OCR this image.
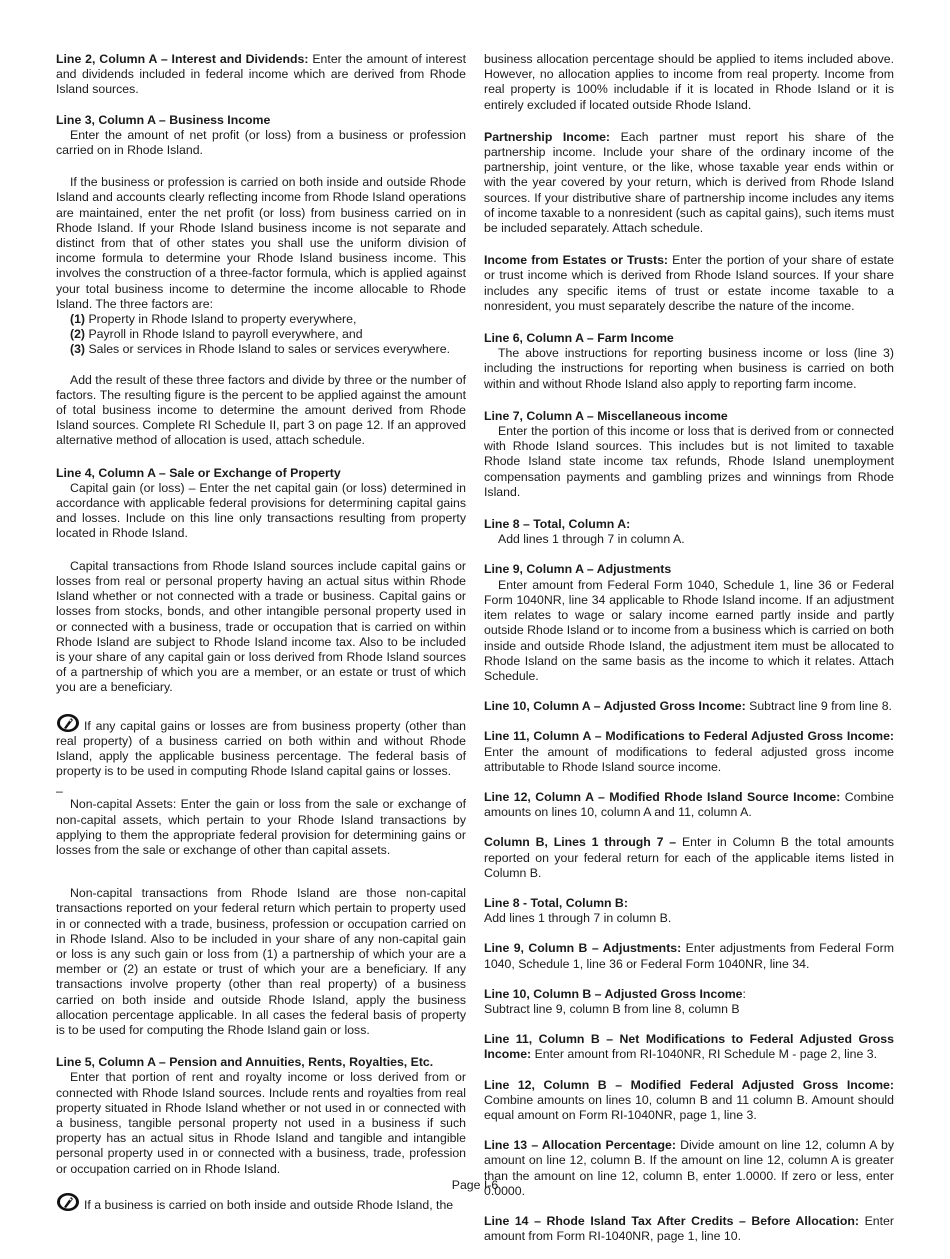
Line 2, Column A – Interest and Dividends: Enter the amount of interest and dividends included in federal income which are derived from Rhode Island sources.
Line 3, Column A – Business Income
Enter the amount of net profit (or loss) from a business or profession carried on in Rhode Island.
If the business or profession is carried on both inside and outside Rhode Island and accounts clearly reflecting income from Rhode Island operations are maintained, enter the net profit (or loss) from business carried on in Rhode Island. If your Rhode Island business income is not separate and distinct from that of other states you shall use the uniform division of income formula to determine your Rhode Island business income. This involves the construction of a three-factor formula, which is applied against your total business income to determine the income allocable to Rhode Island. The three factors are:
(1) Property in Rhode Island to property everywhere,
(2) Payroll in Rhode Island to payroll everywhere, and
(3) Sales or services in Rhode Island to sales or services everywhere.
Add the result of these three factors and divide by three or the number of factors. The resulting figure is the percent to be applied against the amount of total business income to determine the amount derived from Rhode Island sources. Complete RI Schedule II, part 3 on page 12. If an approved alternative method of allocation is used, attach schedule.
Line 4, Column A – Sale or Exchange of Property
Capital gain (or loss) – Enter the net capital gain (or loss) determined in accordance with applicable federal provisions for determining capital gains and losses. Include on this line only transactions resulting from property located in Rhode Island.
Capital transactions from Rhode Island sources include capital gains or losses from real or personal property having an actual situs within Rhode Island whether or not connected with a trade or business. Capital gains or losses from stocks, bonds, and other intangible personal property used in or connected with a business, trade or occupation that is carried on within Rhode Island are subject to Rhode Island income tax. Also to be included is your share of any capital gain or loss derived from Rhode Island sources of a partnership of which you are a member, or an estate or trust of which you are a beneficiary.
If any capital gains or losses are from business property (other than real property) of a business carried on both within and without Rhode Island, apply the applicable business percentage. The federal basis of property is to be used in computing Rhode Island capital gains or losses.
–
Non-capital Assets: Enter the gain or loss from the sale or exchange of non-capital assets, which pertain to your Rhode Island transactions by applying to them the appropriate federal provision for determining gains or losses from the sale or exchange of other than capital assets.
Non-capital transactions from Rhode Island are those non-capital transactions reported on your federal return which pertain to property used in or connected with a trade, business, profession or occupation carried on in Rhode Island. Also to be included in your share of any non-capital gain or loss is any such gain or loss from (1) a partnership of which your are a member or (2) an estate or trust of which your are a beneficiary. If any transactions involve property (other than real property) of a business carried on both inside and outside Rhode Island, apply the business allocation percentage applicable. In all cases the federal basis of property is to be used for computing the Rhode Island gain or loss.
Line 5, Column A – Pension and Annuities, Rents, Royalties, Etc.
Enter that portion of rent and royalty income or loss derived from or connected with Rhode Island sources. Include rents and royalties from real property situated in Rhode Island whether or not used in or connected with a business, tangible personal property not used in a business if such property has an actual situs in Rhode Island and tangible and intangible personal property used in or connected with a business, trade, profession or occupation carried on in Rhode Island.
If a business is carried on both inside and outside Rhode Island, the
business allocation percentage should be applied to items included above. However, no allocation applies to income from real property. Income from real property is 100% includable if it is located in Rhode Island or it is entirely excluded if located outside Rhode Island.
Partnership Income: Each partner must report his share of the partnership income. Include your share of the ordinary income of the partnership, joint venture, or the like, whose taxable year ends within or with the year covered by your return, which is derived from Rhode Island sources. If your distributive share of partnership income includes any items of income taxable to a nonresident (such as capital gains), such items must be included separately. Attach schedule.
Income from Estates or Trusts: Enter the portion of your share of estate or trust income which is derived from Rhode Island sources. If your share includes any specific items of trust or estate income taxable to a nonresident, you must separately describe the nature of the income.
Line 6, Column A – Farm Income
The above instructions for reporting business income or loss (line 3) including the instructions for reporting when business is carried on both within and without Rhode Island also apply to reporting farm income.
Line 7, Column A – Miscellaneous income
Enter the portion of this income or loss that is derived from or connected with Rhode Island sources. This includes but is not limited to taxable Rhode Island state income tax refunds, Rhode Island unemployment compensation payments and gambling prizes and winnings from Rhode Island.
Line 8 – Total, Column A:
Add lines 1 through 7 in column A.
Line 9, Column A – Adjustments
Enter amount from Federal Form 1040, Schedule 1, line 36 or Federal Form 1040NR, line 34 applicable to Rhode Island income. If an adjustment item relates to wage or salary income earned partly inside and partly outside Rhode Island or to income from a business which is carried on both inside and outside Rhode Island, the adjustment item must be allocated to Rhode Island on the same basis as the income to which it relates. Attach Schedule.
Line 10, Column A – Adjusted Gross Income: Subtract line 9 from line 8.
Line 11, Column A – Modifications to Federal Adjusted Gross Income: Enter the amount of modifications to federal adjusted gross income attributable to Rhode Island source income.
Line 12, Column A – Modified Rhode Island Source Income: Combine amounts on lines 10, column A and 11, column A.
Column B, Lines 1 through 7 – Enter in Column B the total amounts reported on your federal return for each of the applicable items listed in Column B.
Line 8 - Total, Column B:
Add lines 1 through 7 in column B.
Line 9, Column B – Adjustments: Enter adjustments from Federal Form 1040, Schedule 1, line 36 or Federal Form 1040NR, line 34.
Line 10, Column B – Adjusted Gross Income:
Subtract line 9, column B from line 8, column B
Line 11, Column B – Net Modifications to Federal Adjusted Gross Income: Enter amount from RI-1040NR, RI Schedule M - page 2, line 3.
Line 12, Column B – Modified Federal Adjusted Gross Income: Combine amounts on lines 10, column B and 11 column B. Amount should equal amount on Form RI-1040NR, page 1, line 3.
Line 13 – Allocation Percentage: Divide amount on line 12, column A by amount on line 12, column B. If the amount on line 12, column A is greater than the amount on line 12, column B, enter 1.0000. If zero or less, enter 0.0000.
Line 14 – Rhode Island Tax After Credits – Before Allocation: Enter amount from Form RI-1040NR, page 1, line 10.
Page I-6
